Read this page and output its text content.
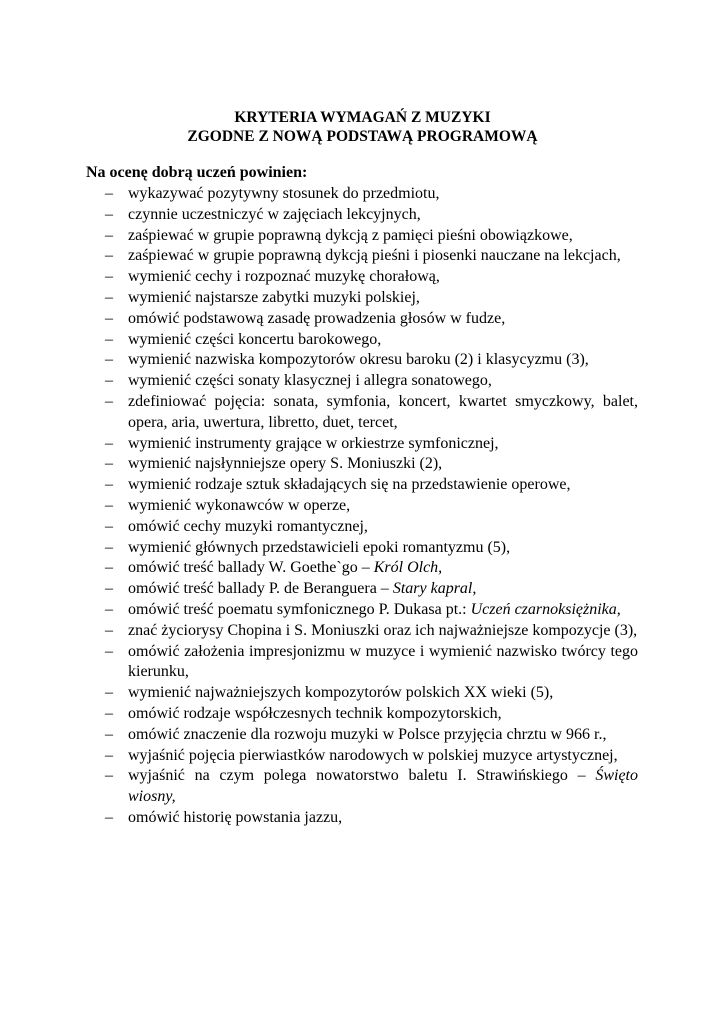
KRYTERIA WYMAGAŃ Z MUZYKI
ZGODNE Z NOWĄ PODSTAWĄ PROGRAMOWĄ
Na ocenę dobrą uczeń powinien:
– wykazywać pozytywny stosunek do przedmiotu,
– czynnie uczestniczyć w zajęciach lekcyjnych,
– zaśpiewać w grupie poprawną dykcją z pamięci pieśni obowiązkowe,
– zaśpiewać w grupie poprawną dykcją pieśni i piosenki nauczane na lekcjach,
– wymienić cechy i rozpoznać muzykę chorałową,
– wymienić najstarsze zabytki muzyki polskiej,
– omówić podstawową zasadę prowadzenia głosów w fudze,
– wymienić części koncertu barokowego,
– wymienić nazwiska kompozytorów okresu baroku (2) i klasycyzmu (3),
– wymienić części sonaty klasycznej i allegra sonatowego,
– zdefiniować pojęcia: sonata, symfonia, koncert, kwartet smyczkowy, balet, opera, aria, uwertura, libretto, duet, tercet,
– wymienić instrumenty grające w orkiestrze symfonicznej,
– wymienić najsłynniejsze opery S. Moniuszki (2),
– wymienić rodzaje sztuk składających się na przedstawienie operowe,
– wymienić wykonawców w operze,
– omówić cechy muzyki romantycznej,
– wymienić głównych przedstawicieli epoki romantyzmu (5),
– omówić treść ballady W. Goethe`go – Król Olch,
– omówić treść ballady P. de Beranguera – Stary kapral,
– omówić treść poematu symfonicznego P. Dukasa pt.: Uczeń czarnoksiężnika,
– znać życiorysy Chopina i S. Moniuszki oraz ich najważniejsze kompozycje (3),
– omówić założenia impresjonizmu w muzyce i wymienić nazwisko twórcy tego kierunku,
– wymienić najważniejszych kompozytorów polskich XX wieki (5),
– omówić rodzaje współczesnych technik kompozytorskich,
– omówić znaczenie dla rozwoju muzyki w Polsce przyjęcia chrztu w 966 r.,
– wyjaśnić pojęcia pierwiastków narodowych w polskiej muzyce artystycznej,
– wyjaśnić na czym polega nowatorstwo baletu I. Strawińskiego – Święto wiosny,
– omówić historię powstania jazzu,
